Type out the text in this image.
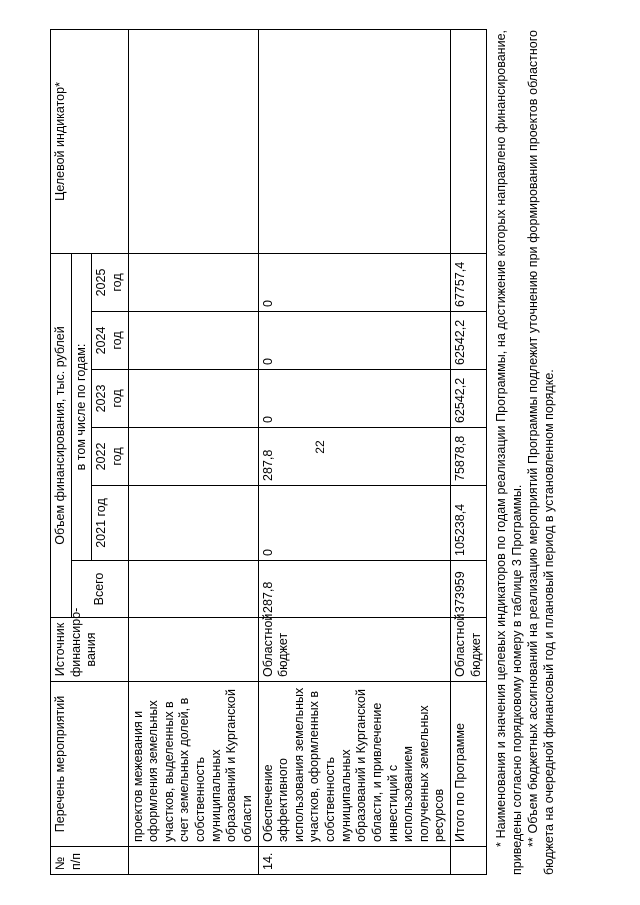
22
№ п/п	Перечень мероприятий	Источник финансиро-вания	Объем финансирования, тыс. рублей						Целевой индикатор*
			Всего	в том числе по годам:					
				2021 год	2022 год	2023 год	2024 год	2025 год	
	проектов межевания и оформления земельных участков, выделенных в счет земельных долей, в собственность муниципальных образований и Курганской области								
14.	Обеспечение эффективного использования земельных участков, оформленных в собственность муниципальных образований и Курганской области, и привлечение инвестиций с использованием полученных земельных ресурсов	Областной бюджет	287,8	0	287,8	0	0	0	
	Итого по Программе	Областной бюджет	373959	105238,4	75878,8	62542,2	62542,2	67757,4	* Наименования и значения целевых индикаторов по годам реализации Программы, на достижение которых направлено финансирование, приведены согласно порядковому номеру в таблице 3 Программы. ** Объем бюджетных ассигнований на реализацию мероприятий Программы подлежит уточнению при формировании проектов областного бюджета на очередной финансовый год и плановый период в установленном порядке.
